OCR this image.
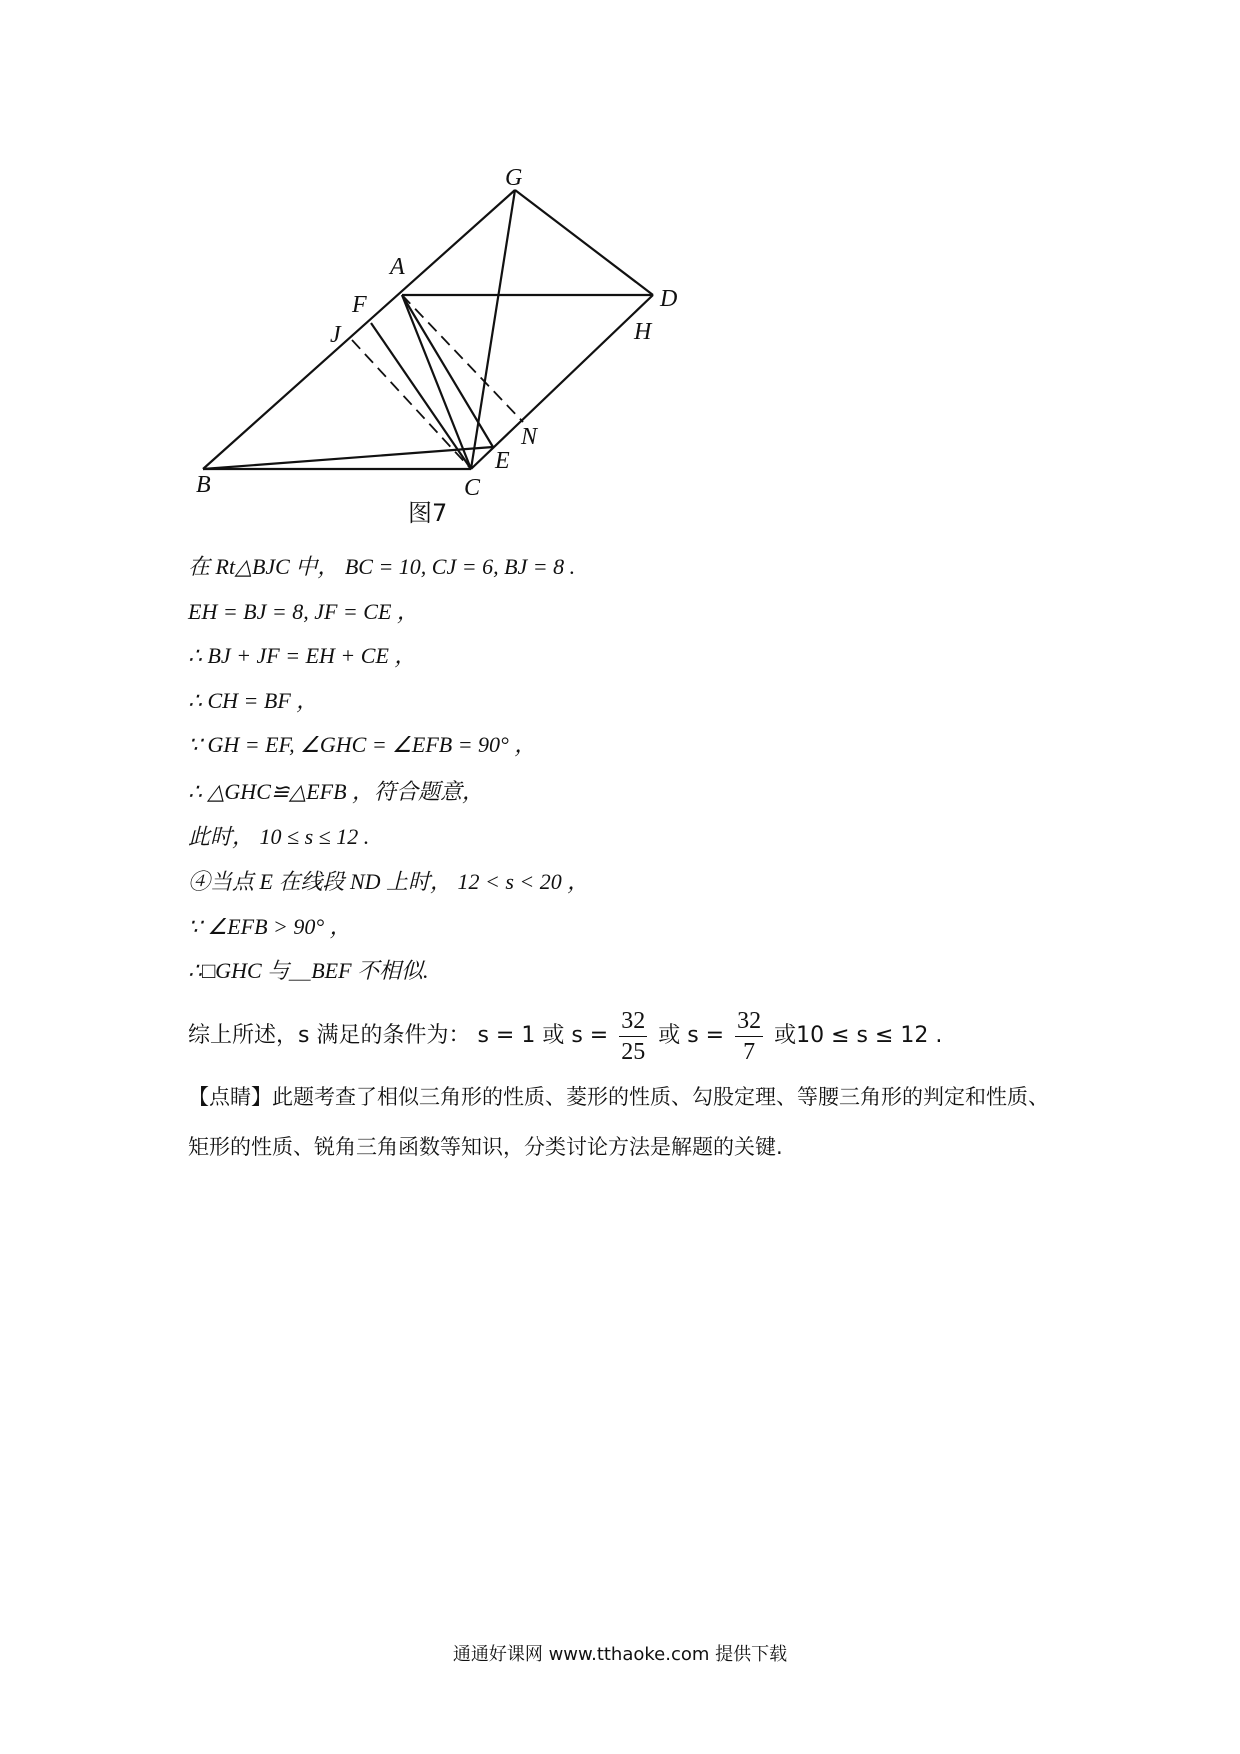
G
A
F
J
D
H
N
E
B	C
图7
在 Rt△BJC 中， BC = 10, CJ = 6, BJ = 8 .
EH = BJ = 8, JF = CE ，
∴ BJ + JF = EH + CE ，
∴ CH = BF ，
∵ GH = EF, ∠GHC = ∠EFB = 90° ，
∴ △GHC≌△EFB ，符合题意，
此时， 10 ≤ s ≤ 12 .
④当点 E 在线段 ND 上时， 12 < s < 20 ，
∵ ∠EFB > 90° ，
∴□GHC 与＿BEF 不相似.
综上所述，s 满足的条件为： s = 1 或 $s = \frac{32}{25}$ 或 $s = \frac{32}{7}$ 或10 ≤ s ≤ 12 .
【点睛】此题考查了相似三角形的性质、菱形的性质、勾股定理、等腰三角形的判定和性质、矩形的性质、锐角三角函数等知识，分类讨论方法是解题的关键.
通通好课网 www.tthaoke.com 提供下载
